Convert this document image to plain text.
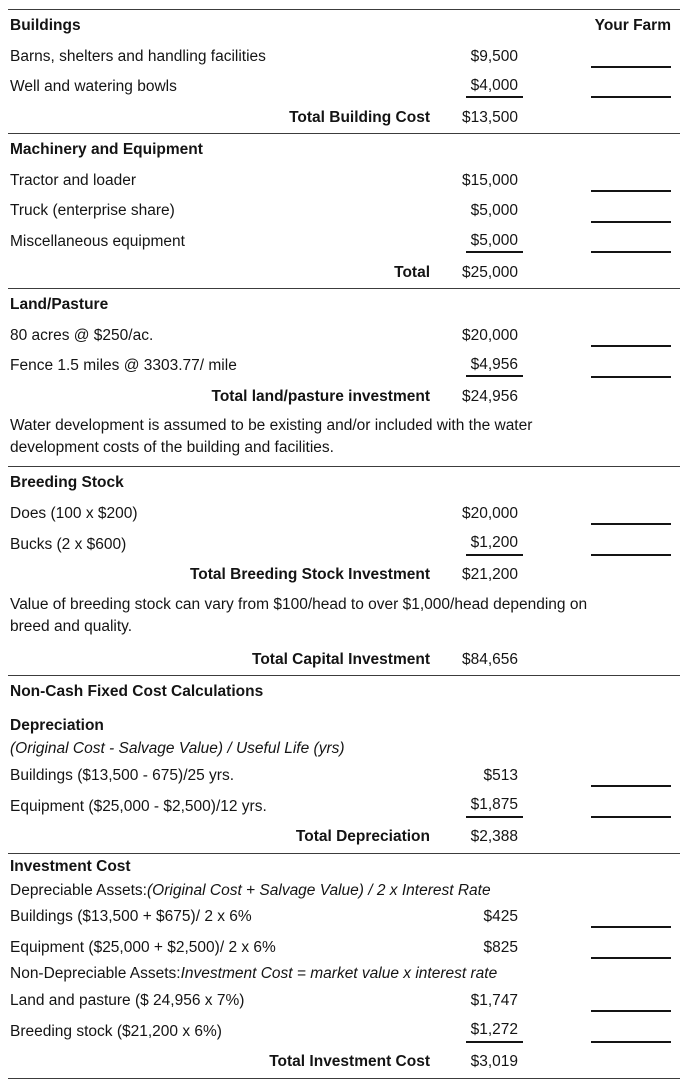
Buildings	Your Farm
Barns, shelters and handling facilities	$9,500
Well and watering bowls	$4,000
Total Building Cost	$13,500
Machinery and Equipment
Tractor and loader	$15,000
Truck (enterprise share)	$5,000
Miscellaneous equipment	$5,000
Total	$25,000
Land/Pasture
80 acres @ $250/ac.	$20,000
Fence 1.5 miles @ 3303.77/ mile	$4,956
Total land/pasture investment	$24,956
Water development is assumed to be existing and/or included with the water
development costs of the building and facilities.
Breeding Stock
Does (100 x $200)	$20,000
Bucks (2 x $600)	$1,200
Total Breeding Stock Investment	$21,200
Value of breeding stock can vary from $100/head to over $1,000/head depending on
breed and quality.
Total Capital Investment	$84,656
Non-Cash Fixed Cost Calculations
Depreciation
(Original Cost - Salvage Value) / Useful Life (yrs)
Buildings ($13,500 - 675)/25 yrs.	$513
Equipment ($25,000 - $2,500)/12 yrs.	$1,875
Total Depreciation	$2,388
Investment Cost
Depreciable Assets: (Original Cost + Salvage Value) / 2 x Interest Rate
Buildings ($13,500 + $675)/ 2 x 6%	$425
Equipment ($25,000 + $2,500)/ 2 x 6%	$825
Non-Depreciable Assets: Investment Cost = market value x interest rate
Land and pasture ($ 24,956 x 7%)	$1,747
Breeding stock ($21,200 x 6%)	$1,272
Total Investment Cost	$3,019
